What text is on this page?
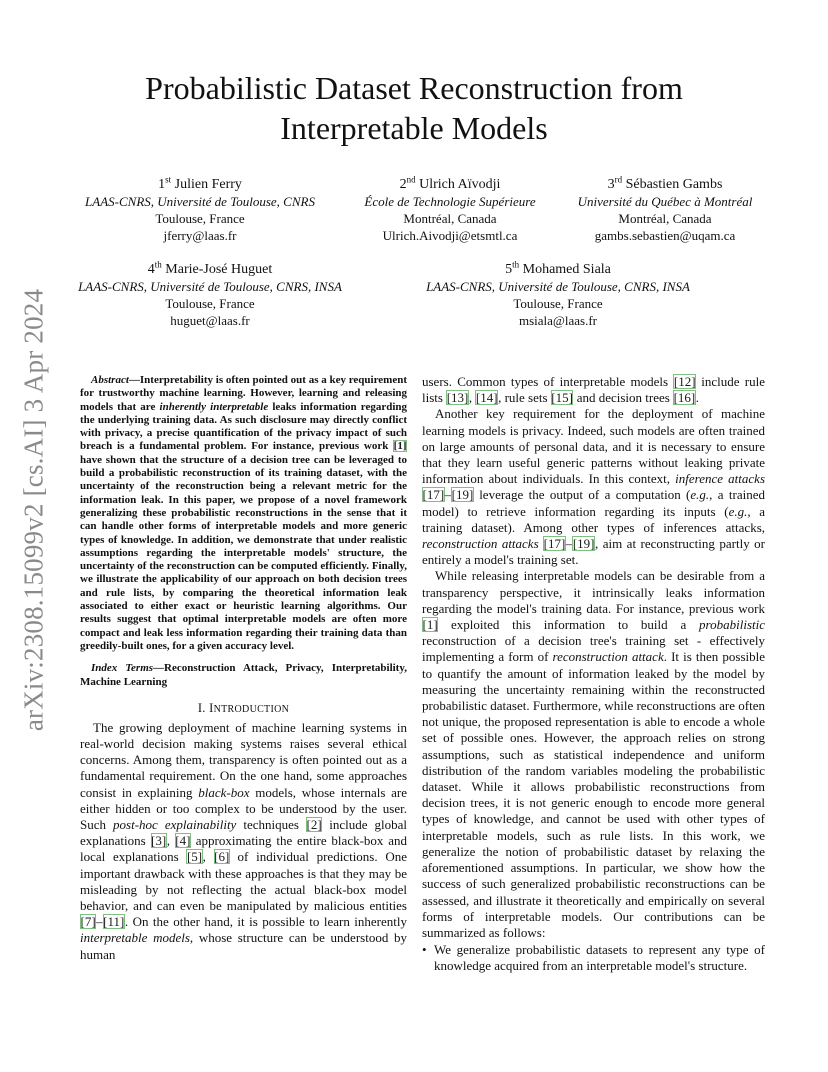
arXiv:2308.15099v2 [cs.AI] 3 Apr 2024
Probabilistic Dataset Reconstruction from Interpretable Models
1st Julien Ferry
LAAS-CNRS, Université de Toulouse, CNRS
Toulouse, France
jferry@laas.fr
2nd Ulrich Aïvodji
École de Technologie Supérieure
Montréal, Canada
Ulrich.Aivodji@etsmtl.ca
3rd Sébastien Gambs
Université du Québec à Montréal
Montréal, Canada
gambs.sebastien@uqam.ca
4th Marie-José Huguet
LAAS-CNRS, Université de Toulouse, CNRS, INSA
Toulouse, France
huguet@laas.fr
5th Mohamed Siala
LAAS-CNRS, Université de Toulouse, CNRS, INSA
Toulouse, France
msiala@laas.fr

Abstract—Interpretability is often pointed out as a key requirement for trustworthy machine learning. However, learning and releasing models that are inherently interpretable leaks information regarding the underlying training data. As such disclosure may directly conflict with privacy, a precise quantification of the privacy impact of such breach is a fundamental problem. For instance, previous work [1] have shown that the structure of a decision tree can be leveraged to build a probabilistic reconstruction of its training dataset, with the uncertainty of the reconstruction being a relevant metric for the information leak. In this paper, we propose of a novel framework generalizing these probabilistic reconstructions in the sense that it can handle other forms of interpretable models and more generic types of knowledge. In addition, we demonstrate that under realistic assumptions regarding the interpretable models' structure, the uncertainty of the reconstruction can be computed efficiently. Finally, we illustrate the applicability of our approach on both decision trees and rule lists, by comparing the theoretical information leak associated to either exact or heuristic learning algorithms. Our results suggest that optimal interpretable models are often more compact and leak less information regarding their training data than greedily-built ones, for a given accuracy level.

Index Terms—Reconstruction Attack, Privacy, Interpretability, Machine Learning

I. INTRODUCTION

The growing deployment of machine learning systems in real-world decision making systems raises several ethical concerns. Among them, transparency is often pointed out as a fundamental requirement. On the one hand, some approaches consist in explaining black-box models, whose internals are either hidden or too complex to be understood by the user. Such post-hoc explainability techniques [2] include global explanations [3], [4] approximating the entire black-box and local explanations [5], [6] of individual predictions. One important drawback with these approaches is that they may be misleading by not reflecting the actual black-box model behavior, and can even be manipulated by malicious entities [7]–[11]. On the other hand, it is possible to learn inherently interpretable models, whose structure can be understood by human

users. Common types of interpretable models [12] include rule lists [13], [14], rule sets [15] and decision trees [16].

Another key requirement for the deployment of machine learning models is privacy. Indeed, such models are often trained on large amounts of personal data, and it is necessary to ensure that they learn useful generic patterns without leaking private information about individuals. In this context, inference attacks [17]–[19] leverage the output of a computation (e.g., a trained model) to retrieve information regarding its inputs (e.g., a training dataset). Among other types of inferences attacks, reconstruction attacks [17]–[19], aim at reconstructing partly or entirely a model's training set.

While releasing interpretable models can be desirable from a transparency perspective, it intrinsically leaks information regarding the model's training data. For instance, previous work [1] exploited this information to build a probabilistic reconstruction of a decision tree's training set - effectively implementing a form of reconstruction attack. It is then possible to quantify the amount of information leaked by the model by measuring the uncertainty remaining within the reconstructed probabilistic dataset. Furthermore, while reconstructions are often not unique, the proposed representation is able to encode a whole set of possible ones. However, the approach relies on strong assumptions, such as statistical independence and uniform distribution of the random variables modeling the probabilistic dataset. While it allows probabilistic reconstructions from decision trees, it is not generic enough to encode more general types of knowledge, and cannot be used with other types of interpretable models, such as rule lists. In this work, we generalize the notion of probabilistic dataset by relaxing the aforementioned assumptions. In particular, we show how the success of such generalized probabilistic reconstructions can be assessed, and illustrate it theoretically and empirically on several forms of interpretable models. Our contributions can be summarized as follows:

• We generalize probabilistic datasets to represent any type of knowledge acquired from an interpretable model's structure.
